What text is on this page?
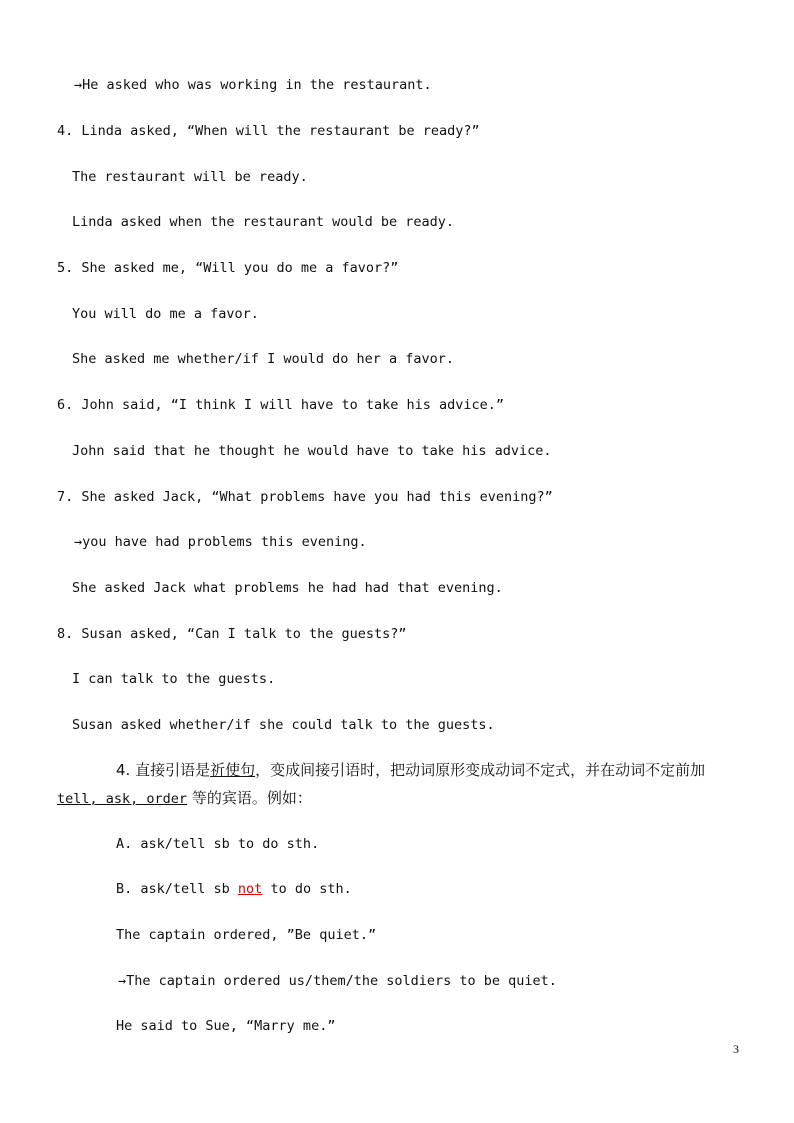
→He asked who was working in the restaurant.
4. Linda asked, “When will the restaurant be ready?”
The restaurant will be ready.
Linda asked when the restaurant would be ready.
5. She asked me, “Will you do me a favor?”
You will do me a favor.
She asked me whether/if I would do her a favor.
6. John said, “I think I will have to take his advice.”
John said that he thought he would have to take his advice.
7. She asked Jack, “What problems have you had this evening?”
→you have had problems this evening.
She asked Jack what problems he had had that evening.
8. Susan asked, “Can I talk to the guests?”
I can talk to the guests.
Susan asked whether/if she could talk to the guests.
4. 直接引语是祈使句，变成间接引语时，把动词原形变成动词不定式，并在动词不定前加
tell, ask, order 等的宾语。例如：
A. ask/tell sb to do sth.
B. ask/tell sb not to do sth.
The captain ordered, ”Be quiet.”
→The captain ordered us/them/the soldiers to be quiet.
He said to Sue, “Marry me.”
3
